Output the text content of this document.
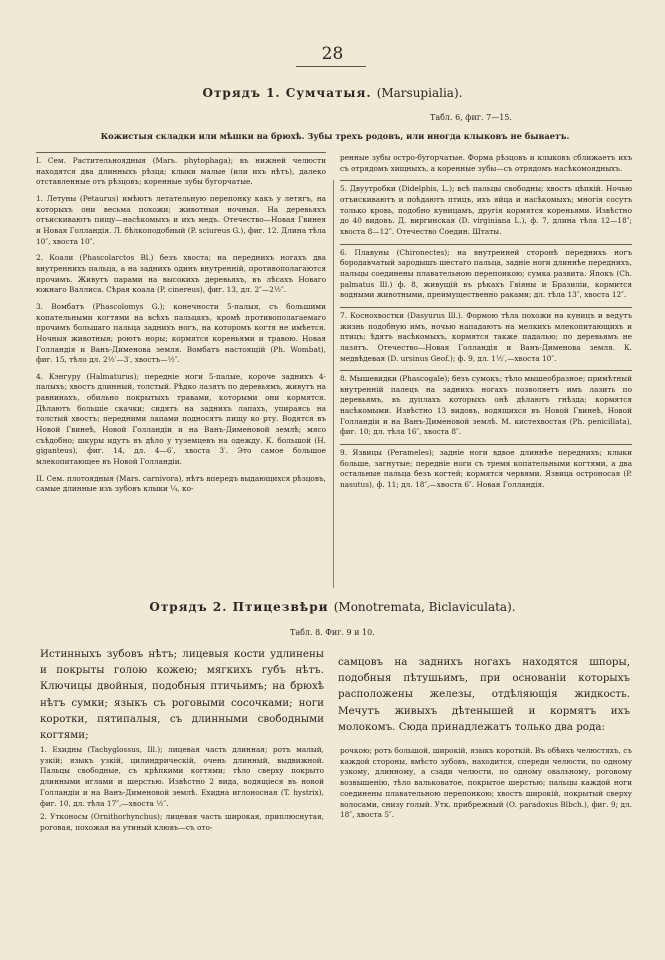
28
Отрядъ 1. Сумчатыя. (Marsupialia).
Табл. 6, фиг. 7—15.
Кожистыя складки или мѣшки на брюхѣ. Зубы трехъ родовъ, или иногда клыковъ не бываетъ.

I. Сем. Растительноядныя (Marь. phytophaga); въ нижней челюсти находятся два длинныхъ рѣзца; клыки малые (или ихъ нѣтъ), далеко отставленные отъ рѣзцовъ; коренные зубы бугорчатые.

1. Летуны (Petaurus) имѣютъ летательную перепонку какъ у летягъ, на которыхъ они весьма похожи; животныя ночныя. На деревьяхъ отъискиваютъ пищу—насѣкомыхъ и ихъ медъ. Отечество—Новая Гвинея и Новая Голландія. Л. бѣлкоподобный (P. sciureus G.), фиг. 12. Длина тѣла 10″, хвоста 10″.

2. Коали (Phascolarctos Bl.) безъ хвоста; на переднихъ ногахъ два внутреннихъ пальца, а на заднихъ одинъ внутренній, противополагаются прочимъ. Живутъ парами на высокихъ деревьяхъ, въ лѣсахъ Новаго южнаго Валлиса. Сѣрая коала (P. cinereus), фиг. 13, дл. 2″—2½″.

3. Вомбатъ (Phascolomys G.); конечности 5-палыя, съ большими копательными когтями на всѣхъ пальцахъ, кромѣ противополагаемаго прочимъ большаго пальца заднихъ ногъ, на которомъ когтя не имѣется. Ночныя животныя; роютъ норы; кормятся кореньями и травою. Новая Голландія и Ванъ-Дименова земля. Вомбатъ настоящій (Ph. Wombat), фиг. 15, тѣло дл. 2½′—3′, хвостъ—½″.

4. Кэнгуру (Halmaturus); передніе ноги 5-палые, короче заднихъ 4-палыхъ; хвостъ длинный, толстый. Рѣдко лазятъ по деревьямъ, живутъ на равнинахъ, обильно покрытыхъ травами, которыми они кормятся. Дѣлаютъ большіе скачки; сидятъ на заднихъ лапахъ, упираясь на толстый хвостъ; передними лапами подносятъ пищу ко рту. Водятся въ Новой Гвинеѣ, Новой Голландіи и на Ванъ-Дименовой землѣ; мясо съѣдобно; шкуры идутъ въ дѣло у туземцевъ на одежду. К. большой (H. giganteus), фиг. 14, дл. 4—6′, хвоста 3′. Это самое большое млекопитающее въ Новой Голландіи.

II. Сем. плотоядныя (Mars. carnivora), нѣтъ впередъ выдающихся рѣзцовъ, самые длинные изъ зубовъ клыки ¼, ко-

ренные зубы остро-бугорчатые. Форма рѣзцовъ и клыковъ сближаетъ ихъ съ отрядомъ хищныхъ, а коренные зубы—съ отрядомъ насѣкомоядныхъ.

5. Двуутробки (Didelphis, L.); всѣ пальцы свободны; хвостъ цѣпкій. Ночью отъискиваютъ и поѣдаютъ птицъ, ихъ яйца и насѣкомыхъ; многія сосутъ только кровь, подобно куницамъ, другія кормятся кореньями. Извѣстно до 40 видовъ. Д. виргинская (D. virginiana L.), ф. 7, длина тѣла 12—18″; хвоста 8—12″. Отечество Соедин. Штаты.

6. Плавуны (Chironectes); на внутренней сторонѣ переднихъ ногъ бородавчатый зародышъ шестаго пальца, задніе ноги длиннѣе переднихъ, пальцы соединены плавательною перепонкою; сумка развита. Япокъ (Ch. palmatus Ill.) ф. 8, живущій въ рѣкахъ Гвіяны и Бразиліи, кормится водными животными, преимущественно раками; дл. тѣла 13″, хвоста 12″.

7. Коснохвостки (Dasyurus Ill.). Формою тѣла похожи на куницъ и ведутъ жизнь подобную имъ, ночью нападаютъ на мелкихъ млекопитающихъ и птицъ; ѣдятъ насѣкомыхъ, кормятся также падалью; по деревьямъ не лазятъ. Отечество—Новая Голландія и Ванъ-Дименова земля. К. медвѣдевая (D. ursinus Geof.); ф. 9, дл. 1½′,—хвоста 10″.

8. Мышевидки (Phascogale); безъ сумокъ; тѣло мышеобразное; примѣтный внутренній палецъ на заднихъ ногахъ позволяетъ имъ лазить по деревьямъ, въ дуплахъ которыхъ онѣ дѣлаютъ гнѣзда; кормятся насѣкомыми. Извѣстно 13 видовъ, водящихся въ Новой Гвинеѣ, Новой Голландіи и на Ванъ-Дименовой землѣ. М. кистехвостая (Ph. penicillata), фиг. 10; дл. тѣла 16″, хвоста 8″.

9. Язвицы (Perameles); задніе ноги вдвое длиннѣе переднихъ; клыки больше, загнутые; передніе ноги съ тремя копательными когтями, а два остальные пальца безъ когтей; кормятся червями. Язвица остроносая (P. nasutus), ф. 11; дл. 18″,—хвоста 6″. Новая Голландія.

Отрядъ 2. Птицезвѣри (Monotremata, Biclaviculata).
Табл. 8. Фиг. 9 и 10.
Истинныхъ зубовъ нѣтъ; лицевыя кости удлинены и покрыты голою кожею; мягкихъ губъ нѣтъ. Ключицы двойныя, подобныя птичьимъ; на брюхѣ нѣтъ сумки; языкъ съ роговыми сосочками; ноги коротки, пятипалыя, съ длинными свободными когтями;
самцовъ на заднихъ ногахъ находятся шпоры, подобныя пѣтушьимъ, при основаніи которыхъ расположены железы, отдѣляющія жидкость. Мечутъ живыхъ дѣтенышей и кормятъ ихъ молокомъ. Сюда принадлежатъ только два рода:

1. Ехидны (Tachyglossus, Ill.); лицевая часть длинная; ротъ малый, узкій; языкъ узкій, цилиндрическій, очень длинный, выдвижной. Пальцы свободные, съ крѣпкими когтями; тѣло сверху покрыто длинными иглами и шерстью. Извѣстно 2 вида, водящіеся въ новой Голландіи и на Ванъ-Дименовой землѣ. Ехидна иглоносная (T. hystrix), фиг. 10, дл. тѣла 17″,—хвоста ½″.

2. Утконосы (Ornithorhynchus); лицевая часть широкая, приплюснутая, роговая, похожая на утиный клювъ—съ ото-

рочкою; ротъ большой, широкій, языкъ короткій. Въ обѣихъ челюстяхъ, съ каждой стороны, вмѣсто зубовъ, находится, спереди челюсти, по одному узкому, длинному, а сзади челюсти, по одному овальному, роговому возвышенію, тѣло вальковатое, покрытое шерстью; пальцы каждой ноги соединены плавательною перепонкою; хвостъ широкій, покрытый сверху волосами, снизу голый. Утк. прибрежный (O. paradoxus Blbch.), фиг. 9; дл. 18″, хвоста 5″.
